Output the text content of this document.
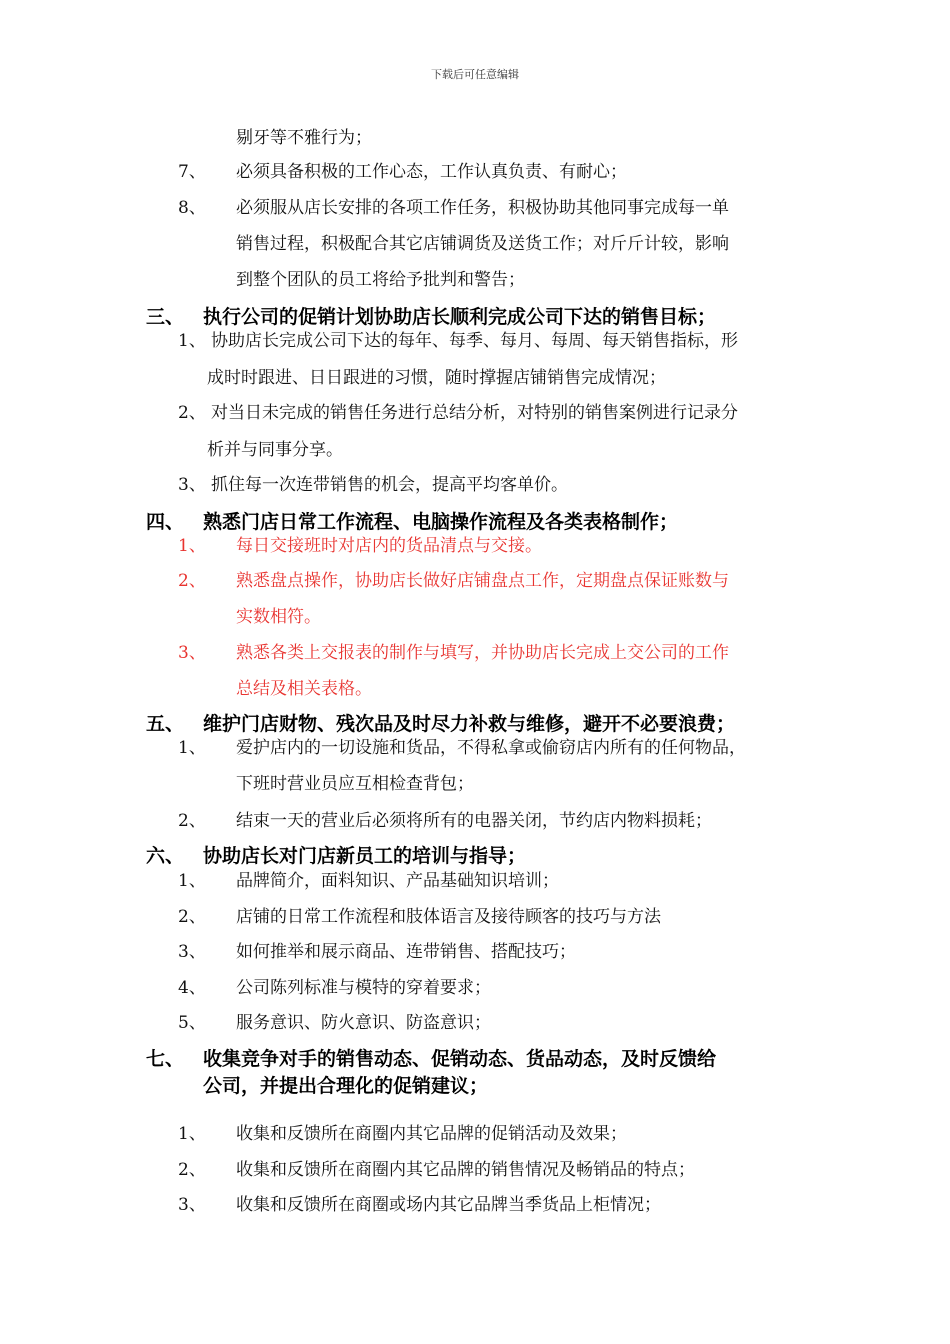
下载后可任意编辑
剔牙等不雅行为；
7、 必须具备积极的工作心态，工作认真负责、有耐心；
8、 必须服从店长安排的各项工作任务，积极协助其他同事完成每一单
销售过程，积极配合其它店铺调货及送货工作；对斤斤计较，影响
到整个团队的员工将给予批判和警告；
三、 执行公司的促销计划协助店长顺利完成公司下达的销售目标；
1、 协助店长完成公司下达的每年、每季、每月、每周、每天销售指标，形
成时时跟进、日日跟进的习惯，随时撑握店铺销售完成情况；
2、 对当日未完成的销售任务进行总结分析，对特别的销售案例进行记录分
析并与同事分享。
3、 抓住每一次连带销售的机会，提高平均客单价。
四、 熟悉门店日常工作流程、电脑操作流程及各类表格制作；
1、 每日交接班时对店内的货品清点与交接。
2、 熟悉盘点操作，协助店长做好店铺盘点工作，定期盘点保证账数与
实数相符。
3、 熟悉各类上交报表的制作与填写，并协助店长完成上交公司的工作
总结及相关表格。
五、 维护门店财物、残次品及时尽力补救与维修，避开不必要浪费；
1、 爱护店内的一切设施和货品，不得私拿或偷窃店内所有的任何物品，
下班时营业员应互相检查背包；
2、 结束一天的营业后必须将所有的电器关闭，节约店内物料损耗；
六、 协助店长对门店新员工的培训与指导；
1、 品牌简介，面料知识、产品基础知识培训；
2、 店铺的日常工作流程和肢体语言及接待顾客的技巧与方法
3、 如何推举和展示商品、连带销售、搭配技巧；
4、 公司陈列标准与模特的穿着要求；
5、 服务意识、防火意识、防盗意识；
七、 收集竞争对手的销售动态、促销动态、货品动态，及时反馈给
公司，并提出合理化的促销建议；
1、 收集和反馈所在商圈内其它品牌的促销活动及效果；
2、 收集和反馈所在商圈内其它品牌的销售情况及畅销品的特点；
3、 收集和反馈所在商圈或场内其它品牌当季货品上柜情况；
